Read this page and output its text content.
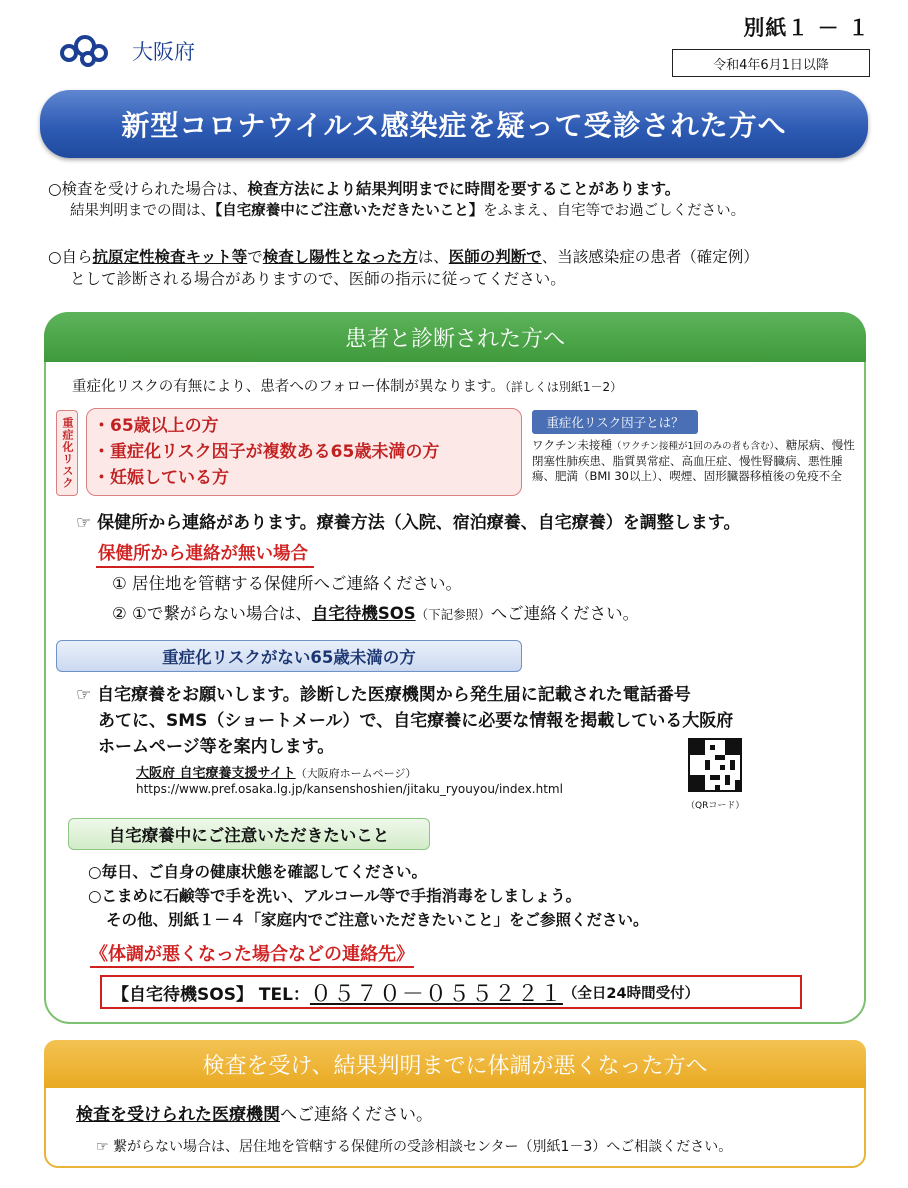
大阪府
別紙１ － １
令和4年6月1日以降
新型コロナウイルス感染症を疑って受診された方へ
○検査を受けられた場合は、検査方法により結果判明までに時間を要することがあります。
結果判明までの間は、【自宅療養中にご注意いただきたいこと】をふまえ、自宅等でお過ごしください。
○自ら抗原定性検査キット等で検査し陽性となった方は、医師の判断で、当該感染症の患者（確定例）
として診断される場合がありますので、医師の指示に従ってください。
患者と診断された方へ
重症化リスクの有無により、患者へのフォロー体制が異なります。（詳しくは別紙1－2）
重症化リスク ・65歳以上の方
・重症化リスク因子が複数ある65歳未満の方
・妊娠している方
重症化リスク因子とは？
ワクチン未接種（ワクチン接種が1回のみの者も含む）、糖尿病、慢性閉塞性肺疾患、脂質異常症、高血圧症、慢性腎臓病、悪性腫瘍、肥満（BMI 30以上）、喫煙、固形臓器移植後の免疫不全
☞ 保健所から連絡があります。療養方法（入院、宿泊療養、自宅療養）を調整します。
保健所から連絡が無い場合
① 居住地を管轄する保健所へご連絡ください。
② ①で繋がらない場合は、自宅待機SOS（下記参照）へご連絡ください。
重症化リスクがない65歳未満の方
☞ 自宅療養をお願いします。診断した医療機関から発生届に記載された電話番号
あてに、SMS（ショートメール）で、自宅療養に必要な情報を掲載している大阪府
ホームページ等を案内します。
大阪府 自宅療養支援サイト（大阪府ホームページ）
https://www.pref.osaka.lg.jp/kansenshoshien/jitaku_ryouyou/index.html
（QRコード）
自宅療養中にご注意いただきたいこと
○毎日、ご自身の健康状態を確認してください。
○こまめに石鹸等で手を洗い、アルコール等で手指消毒をしましょう。
その他、別紙１－４「家庭内でご注意いただきたいこと」をご参照ください。
《体調が悪くなった場合などの連絡先》
【自宅待機SOS】 TEL： ０５７０－０５５２２１ （全日24時間受付）
検査を受け、結果判明までに体調が悪くなった方へ
検査を受けられた医療機関へご連絡ください。
☞ 繋がらない場合は、居住地を管轄する保健所の受診相談センター（別紙1－3）へご相談ください。
